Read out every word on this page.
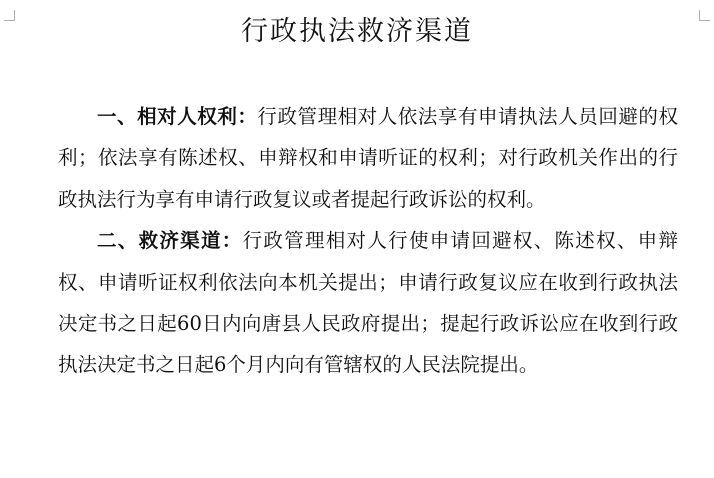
行政执法救济渠道

一、相对人权利：行政管理相对人依法享有申请执法人员回避的权利；依法享有陈述权、申辩权和申请听证的权利；对行政机关作出的行政执法行为享有申请行政复议或者提起行政诉讼的权利。

二、救济渠道：行政管理相对人行使申请回避权、陈述权、申辩权、申请听证权利依法向本机关提出；申请行政复议应在收到行政执法决定书之日起60日内向唐县人民政府提出；提起行政诉讼应在收到行政执法决定书之日起6个月内向有管辖权的人民法院提出。
